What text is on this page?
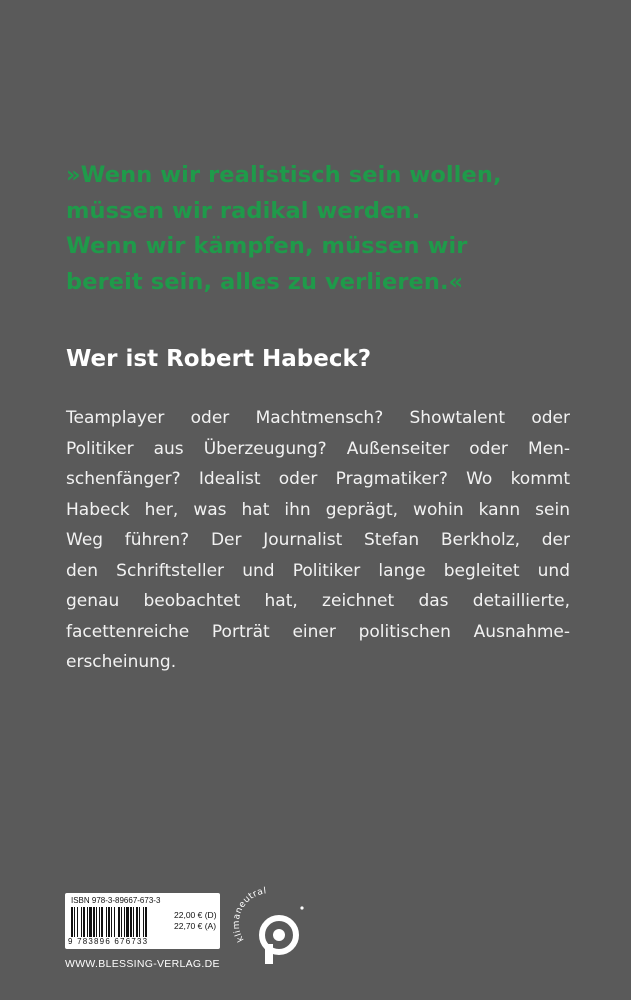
»Wenn wir realistisch sein wollen,
müssen wir radikal werden.
Wenn wir kämpfen, müssen wir
bereit sein, alles zu verlieren.«
Wer ist Robert Habeck?
Teamplayer oder Machtmensch? Showtalent oder
Politiker aus Überzeugung? Außenseiter oder Men-
schenfänger? Idealist oder Pragmatiker? Wo kommt
Habeck her, was hat ihn geprägt, wohin kann sein
Weg führen? Der Journalist Stefan Berkholz, der
den Schriftsteller und Politiker lange begleitet und
genau beobachtet hat, zeichnet das detaillierte,
facettenreiche Porträt einer politischen Ausnahme-
erscheinung.
ISBN 978-3-89667-673-3
9 783896 676733
22,00 € (D)
22,70 € (A)
WWW.BLESSING-VERLAG.DE
klimaneutral
